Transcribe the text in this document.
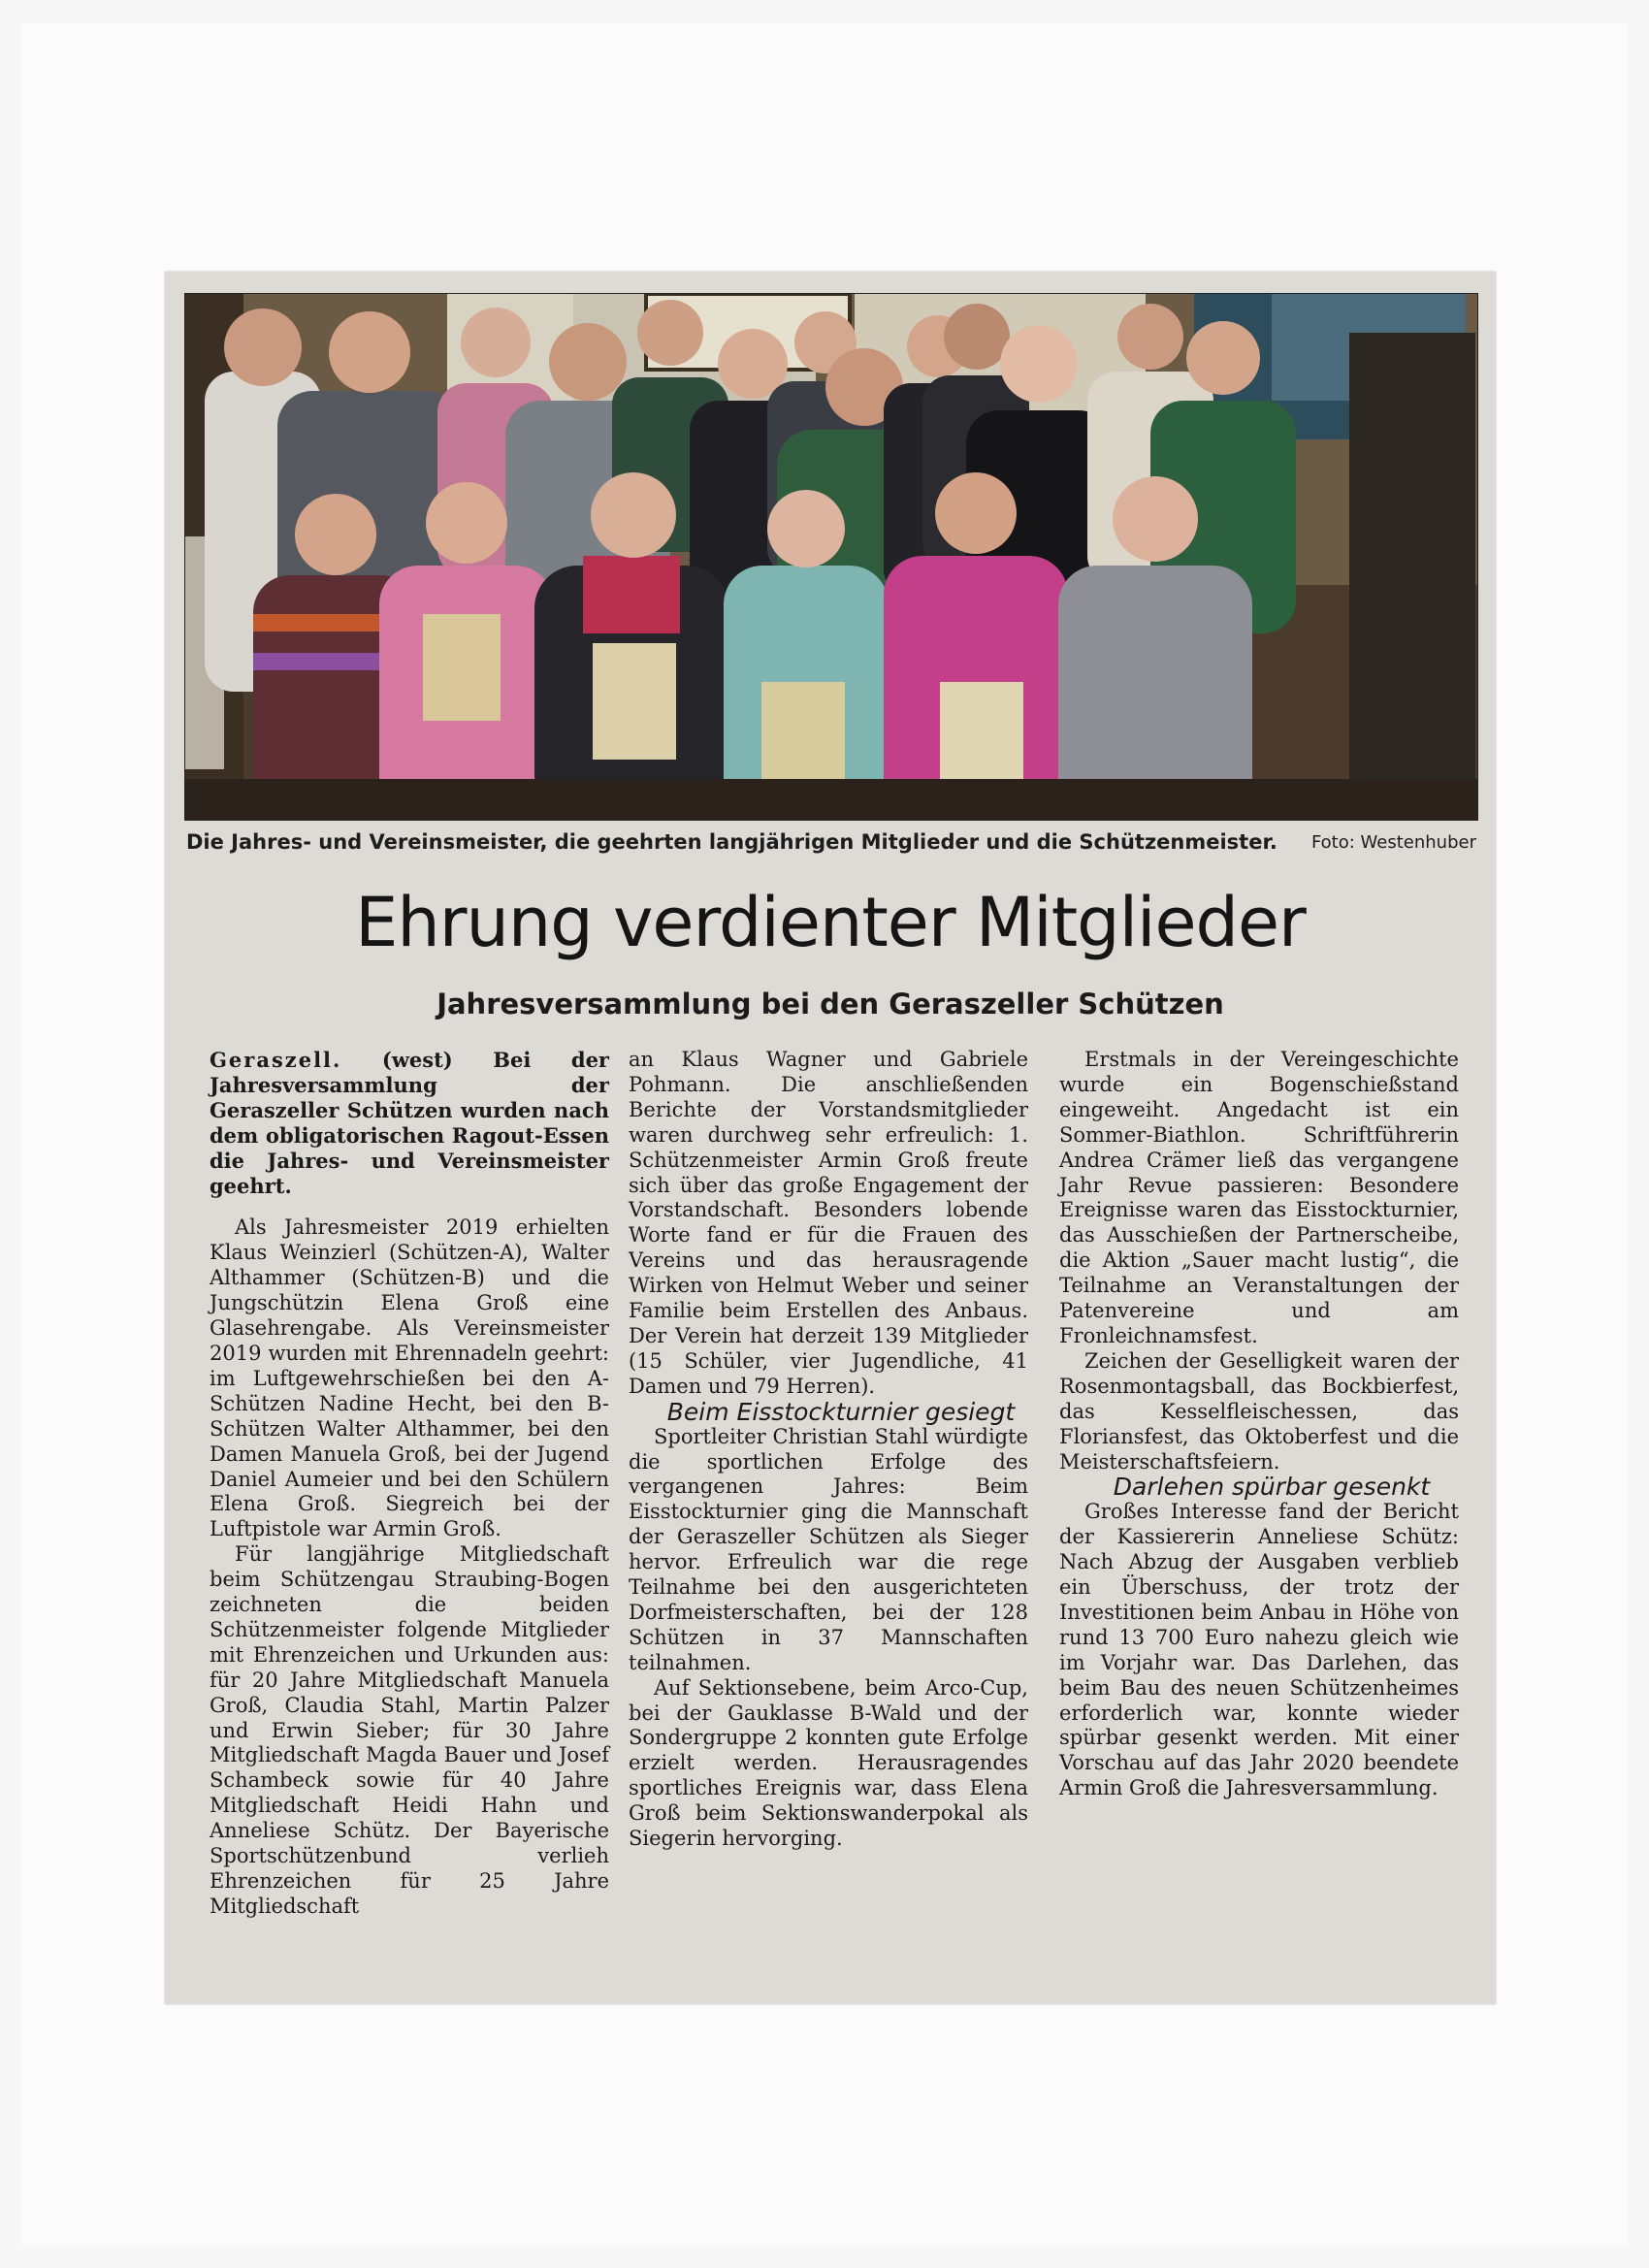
Die Jahres- und Vereinsmeister, die geehrten langjährigen Mitglieder und die Schützenmeister. Foto: Westenhuber
Ehrung verdienter Mitglieder
Jahresversammlung bei den Geraszeller Schützen

Geraszell. (west) Bei der Jahresversammlung der Geraszeller Schützen wurden nach dem obligatorischen Ragout-Essen die Jahres- und Vereinsmeister geehrt.

Als Jahresmeister 2019 erhielten Klaus Weinzierl (Schützen-A), Walter Althammer (Schützen-B) und die Jungschützin Elena Groß eine Glasehrengabe. Als Vereinsmeister 2019 wurden mit Ehrennadeln geehrt: im Luftgewehrschießen bei den A-Schützen Nadine Hecht, bei den B-Schützen Walter Althammer, bei den Damen Manuela Groß, bei der Jugend Daniel Aumeier und bei den Schülern Elena Groß. Siegreich bei der Luftpistole war Armin Groß.

Für langjährige Mitgliedschaft beim Schützengau Straubing-Bogen zeichneten die beiden Schützenmeister folgende Mitglieder mit Ehrenzeichen und Urkunden aus: für 20 Jahre Mitgliedschaft Manuela Groß, Claudia Stahl, Martin Palzer und Erwin Sieber; für 30 Jahre Mitgliedschaft Magda Bauer und Josef Schambeck sowie für 40 Jahre Mitgliedschaft Heidi Hahn und Anneliese Schütz. Der Bayerische Sportschützenbund verlieh Ehrenzeichen für 25 Jahre Mitgliedschaft

an Klaus Wagner und Gabriele Pohmann. Die anschließenden Berichte der Vorstandsmitglieder waren durchweg sehr erfreulich: 1. Schützenmeister Armin Groß freute sich über das große Engagement der Vorstandschaft. Besonders lobende Worte fand er für die Frauen des Vereins und das herausragende Wirken von Helmut Weber und seiner Familie beim Erstellen des Anbaus. Der Verein hat derzeit 139 Mitglieder (15 Schüler, vier Jugendliche, 41 Damen und 79 Herren).

Beim Eisstockturnier gesiegt

Sportleiter Christian Stahl würdigte die sportlichen Erfolge des vergangenen Jahres: Beim Eisstockturnier ging die Mannschaft der Geraszeller Schützen als Sieger hervor. Erfreulich war die rege Teilnahme bei den ausgerichteten Dorfmeisterschaften, bei der 128 Schützen in 37 Mannschaften teilnahmen.

Auf Sektionsebene, beim Arco-Cup, bei der Gauklasse B-Wald und der Sondergruppe 2 konnten gute Erfolge erzielt werden. Herausragendes sportliches Ereignis war, dass Elena Groß beim Sektionswanderpokal als Siegerin hervorging.

Erstmals in der Vereingeschichte wurde ein Bogenschießstand eingeweiht. Angedacht ist ein Sommer-Biathlon. Schriftführerin Andrea Crämer ließ das vergangene Jahr Revue passieren: Besondere Ereignisse waren das Eisstockturnier, das Ausschießen der Partnerscheibe, die Aktion „Sauer macht lustig“, die Teilnahme an Veranstaltungen der Patenvereine und am Fronleichnamsfest.

Zeichen der Geselligkeit waren der Rosenmontagsball, das Bockbierfest, das Kesselfleischessen, das Floriansfest, das Oktoberfest und die Meisterschaftsfeiern.

Darlehen spürbar gesenkt

Großes Interesse fand der Bericht der Kassiererin Anneliese Schütz: Nach Abzug der Ausgaben verblieb ein Überschuss, der trotz der Investitionen beim Anbau in Höhe von rund 13 700 Euro nahezu gleich wie im Vorjahr war. Das Darlehen, das beim Bau des neuen Schützenheimes erforderlich war, konnte wieder spürbar gesenkt werden. Mit einer Vorschau auf das Jahr 2020 beendete Armin Groß die Jahresversammlung.
